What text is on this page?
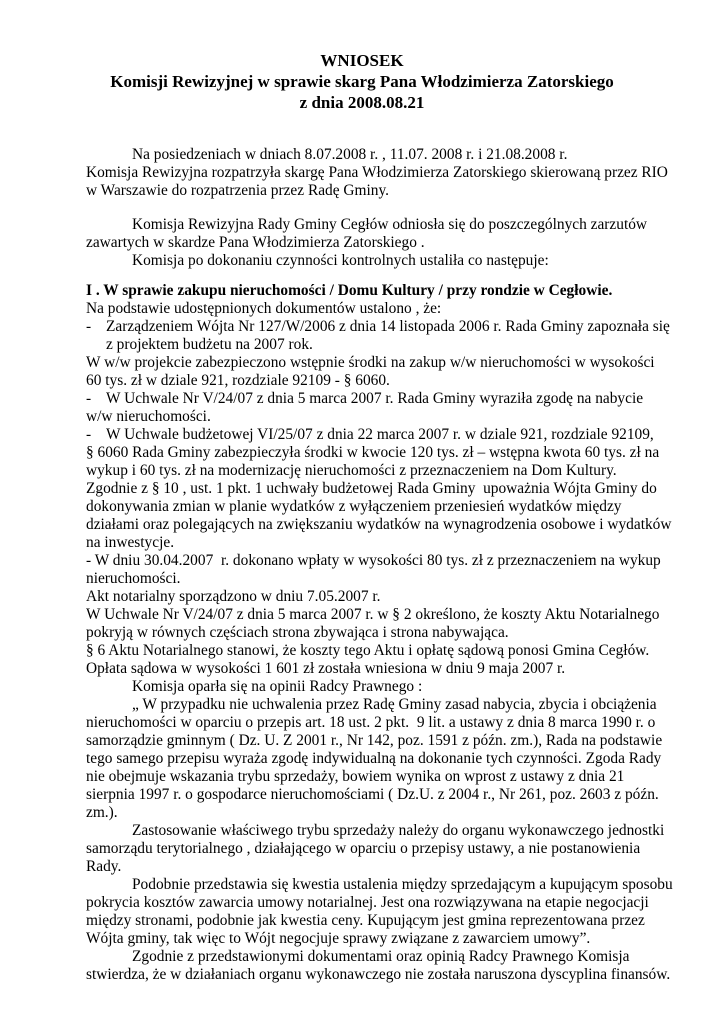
WNIOSEK
Komisji Rewizyjnej w sprawie skarg Pana Włodzimierza Zatorskiego
z dnia 2008.08.21
Na posiedzeniach w dniach 8.07.2008 r. , 11.07. 2008 r. i 21.08.2008 r.
Komisja Rewizyjna rozpatrzyła skargę Pana Włodzimierza Zatorskiego skierowaną przez RIO
w Warszawie do rozpatrzenia przez Radę Gminy.
Komisja Rewizyjna Rady Gminy Cegłów odniosła się do poszczególnych zarzutów
zawartych w skardze Pana Włodzimierza Zatorskiego .
Komisja po dokonaniu czynności kontrolnych ustaliła co następuje:
I . W sprawie zakupu nieruchomości / Domu Kultury / przy rondzie w Cegłowie.
Na podstawie udostępnionych dokumentów ustalono , że:
- Zarządzeniem Wójta Nr 127/W/2006 z dnia 14 listopada 2006 r. Rada Gminy zapoznała się
z projektem budżetu na 2007 rok.
W w/w projekcie zabezpieczono wstępnie środki na zakup w/w nieruchomości w wysokości
60 tys. zł w dziale 921, rozdziale 92109 - § 6060.
- W Uchwale Nr V/24/07 z dnia 5 marca 2007 r. Rada Gminy wyraziła zgodę na nabycie
w/w nieruchomości.
- W Uchwale budżetowej VI/25/07 z dnia 22 marca 2007 r. w dziale 921, rozdziale 92109,
§ 6060 Rada Gminy zabezpieczyła środki w kwocie 120 tys. zł – wstępna kwota 60 tys. zł na
wykup i 60 tys. zł na modernizację nieruchomości z przeznaczeniem na Dom Kultury.
Zgodnie z § 10 , ust. 1 pkt. 1 uchwały budżetowej Rada Gminy  upoważnia Wójta Gminy do
dokonywania zmian w planie wydatków z wyłączeniem przeniesień wydatków między
działami oraz polegających na zwiększaniu wydatków na wynagrodzenia osobowe i wydatków
na inwestycje.
- W dniu 30.04.2007  r. dokonano wpłaty w wysokości 80 tys. zł z przeznaczeniem na wykup
nieruchomości.
Akt notarialny sporządzono w dniu 7.05.2007 r.
W Uchwale Nr V/24/07 z dnia 5 marca 2007 r. w § 2 określono, że koszty Aktu Notarialnego
pokryją w równych częściach strona zbywająca i strona nabywająca.
§ 6 Aktu Notarialnego stanowi, że koszty tego Aktu i opłatę sądową ponosi Gmina Cegłów.
Opłata sądowa w wysokości 1 601 zł została wniesiona w dniu 9 maja 2007 r.
Komisja oparła się na opinii Radcy Prawnego :
„ W przypadku nie uchwalenia przez Radę Gminy zasad nabycia, zbycia i obciążenia
nieruchomości w oparciu o przepis art. 18 ust. 2 pkt.  9 lit. a ustawy z dnia 8 marca 1990 r. o
samorządzie gminnym ( Dz. U. Z 2001 r., Nr 142, poz. 1591 z późn. zm.), Rada na podstawie
tego samego przepisu wyraża zgodę indywidualną na dokonanie tych czynności. Zgoda Rady
nie obejmuje wskazania trybu sprzedaży, bowiem wynika on wprost z ustawy z dnia 21
sierpnia 1997 r. o gospodarce nieruchomościami ( Dz.U. z 2004 r., Nr 261, poz. 2603 z późn.
zm.).
Zastosowanie właściwego trybu sprzedaży należy do organu wykonawczego jednostki
samorządu terytorialnego , działającego w oparciu o przepisy ustawy, a nie postanowienia
Rady.
Podobnie przedstawia się kwestia ustalenia między sprzedającym a kupującym sposobu
pokrycia kosztów zawarcia umowy notarialnej. Jest ona rozwiązywana na etapie negocjacji
między stronami, podobnie jak kwestia ceny. Kupującym jest gmina reprezentowana przez
Wójta gminy, tak więc to Wójt negocjuje sprawy związane z zawarciem umowy”.
Zgodnie z przedstawionymi dokumentami oraz opinią Radcy Prawnego Komisja
stwierdza, że w działaniach organu wykonawczego nie została naruszona dyscyplina finansów.
